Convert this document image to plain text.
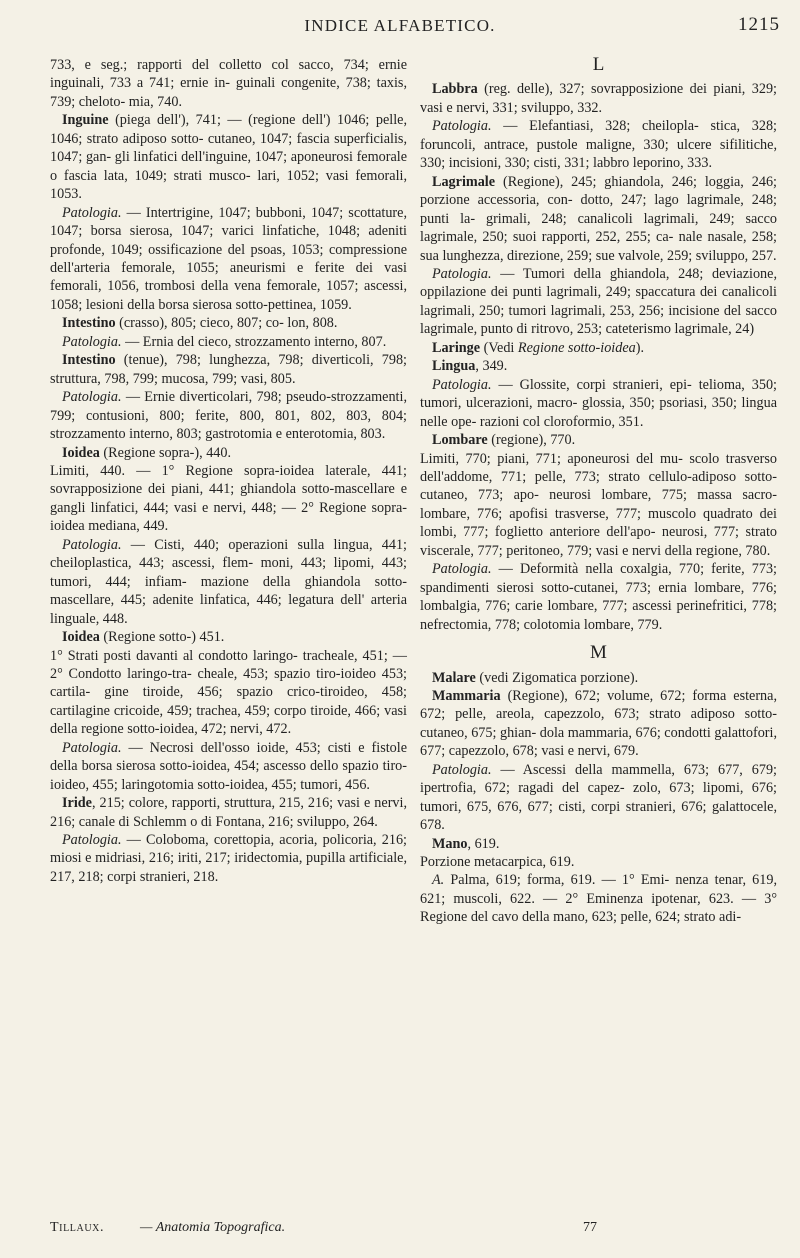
INDICE ALFABETICO.	1215

733, e seg.; rapporti del colletto col sacco, 734; ernie inguinali, 733 a 741; ernie in- guinali congenite, 738; taxis, 739; cheloto- mia, 740.

Inguine (piega dell'), 741; — (regione dell') 1046; pelle, 1046; strato adiposo sotto- cutaneo, 1047; fascia superficialis, 1047; gan- gli linfatici dell'inguine, 1047; aponeurosi femorale o fascia lata, 1049; strati musco- lari, 1052; vasi femorali, 1053.

Patologia. — Intertrigine, 1047; bubboni, 1047; scottature, 1047; borsa sierosa, 1047; varici linfatiche, 1048; adeniti profonde, 1049; ossificazione del psoas, 1053; compressione dell'arteria femorale, 1055; aneurismi e ferite dei vasi femorali, 1056, trombosi della vena femorale, 1057; ascessi, 1058; lesioni della borsa sierosa sotto-pettinea, 1059.

Intestino (crasso), 805; cieco, 807; co- lon, 808.

Patologia. — Ernia del cieco, strozzamento interno, 807.

Intestino (tenue), 798; lunghezza, 798; diverticoli, 798; struttura, 798, 799; mucosa, 799; vasi, 805.

Patologia. — Ernie diverticolari, 798; pseudo-strozzamenti, 799; contusioni, 800; ferite, 800, 801, 802, 803, 804; strozzamento interno, 803; gastrotomia e enterotomia, 803.

Ioidea (Regione sopra-), 440.

Limiti, 440. — 1° Regione sopra-ioidea laterale, 441; sovrapposizione dei piani, 441; ghiandola sotto-mascellare e gangli linfatici, 444; vasi e nervi, 448; — 2° Regione sopra- ioidea mediana, 449.

Patologia. — Cisti, 440; operazioni sulla lingua, 441; cheiloplastica, 443; ascessi, flem- moni, 443; lipomi, 443; tumori, 444; infiam- mazione della ghiandola sotto-mascellare, 445; adenite linfatica, 446; legatura dell' arteria linguale, 448.

Ioidea (Regione sotto-) 451.

1° Strati posti davanti al condotto laringo- tracheale, 451; — 2° Condotto laringo-tra- cheale, 453; spazio tiro-ioideo 453; cartila- gine tiroide, 456; spazio crico-tiroideo, 458; cartilagine cricoide, 459; trachea, 459; corpo tiroide, 466; vasi della regione sotto-ioidea, 472; nervi, 472.

Patologia. — Necrosi dell'osso ioide, 453; cisti e fistole della borsa sierosa sotto-ioidea, 454; ascesso dello spazio tiro-ioideo, 455; laringotomia sotto-ioidea, 455; tumori, 456.

Iride, 215; colore, rapporti, struttura, 215, 216; vasi e nervi, 216; canale di Schlemm o di Fontana, 216; sviluppo, 264.

Patologia. — Coloboma, corettopia, acoria, policoria, 216; miosi e midriasi, 216; iriti, 217; iridectomia, pupilla artificiale, 217, 218; corpi stranieri, 218.

L

Labbra (reg. delle), 327; sovrapposizione dei piani, 329; vasi e nervi, 331; sviluppo, 332.

Patologia. — Elefantiasi, 328; cheilopla- stica, 328; foruncoli, antrace, pustole maligne, 330; ulcere sifilitiche, 330; incisioni, 330; cisti, 331; labbro leporino, 333.

Lagrimale (Regione), 245; ghiandola, 246; loggia, 246; porzione accessoria, con- dotto, 247; lago lagrimale, 248; punti la- grimali, 248; canalicoli lagrimali, 249; sacco lagrimale, 250; suoi rapporti, 252, 255; ca- nale nasale, 258; sua lunghezza, direzione, 259; sue valvole, 259; sviluppo, 257.

Patologia. — Tumori della ghiandola, 248; deviazione, oppilazione dei punti lagrimali, 249; spaccatura dei canalicoli lagrimali, 250; tumori lagrimali, 253, 256; incisione del sacco lagrimale, punto di ritrovo, 253; cateterismo lagrimale, 24)

Laringe (Vedi Regione sotto-ioidea).

Lingua, 349.

Patologia. — Glossite, corpi stranieri, epi- telioma, 350; tumori, ulcerazioni, macro- glossia, 350; psoriasi, 350; lingua nelle ope- razioni col cloroformio, 351.

Lombare (regione), 770.

Limiti, 770; piani, 771; aponeurosi del mu- scolo trasverso dell'addome, 771; pelle, 773; strato cellulo-adiposo sotto-cutaneo, 773; apo- neurosi lombare, 775; massa sacro-lombare, 776; apofisi trasverse, 777; muscolo quadrato dei lombi, 777; foglietto anteriore dell'apo- neurosi, 777; strato viscerale, 777; peritoneo, 779; vasi e nervi della regione, 780.

Patologia. — Deformità nella coxalgia, 770; ferite, 773; spandimenti sierosi sotto-cutanei, 773; ernia lombare, 776; lombalgia, 776; carie lombare, 777; ascessi perinefritici, 778; nefrectomia, 778; colotomia lombare, 779.

M

Malare (vedi Zigomatica porzione).

Mammaria (Regione), 672; volume, 672; forma esterna, 672; pelle, areola, capezzolo, 673; strato adiposo sotto-cutaneo, 675; ghian- dola mammaria, 676; condotti galattofori, 677; capezzolo, 678; vasi e nervi, 679.

Patologia. — Ascessi della mammella, 673; 677, 679; ipertrofia, 672; ragadi del capez- zolo, 673; lipomi, 676; tumori, 675, 676, 677; cisti, corpi stranieri, 676; galattocele, 678.

Mano, 619.

Porzione metacarpica, 619.

A. Palma, 619; forma, 619. — 1° Emi- nenza tenar, 619, 621; muscoli, 622. — 2° Eminenza ipotenar, 623. — 3° Regione del cavo della mano, 623; pelle, 624; strato adi-

Tillaux.	— Anatomia Topografica.	77
